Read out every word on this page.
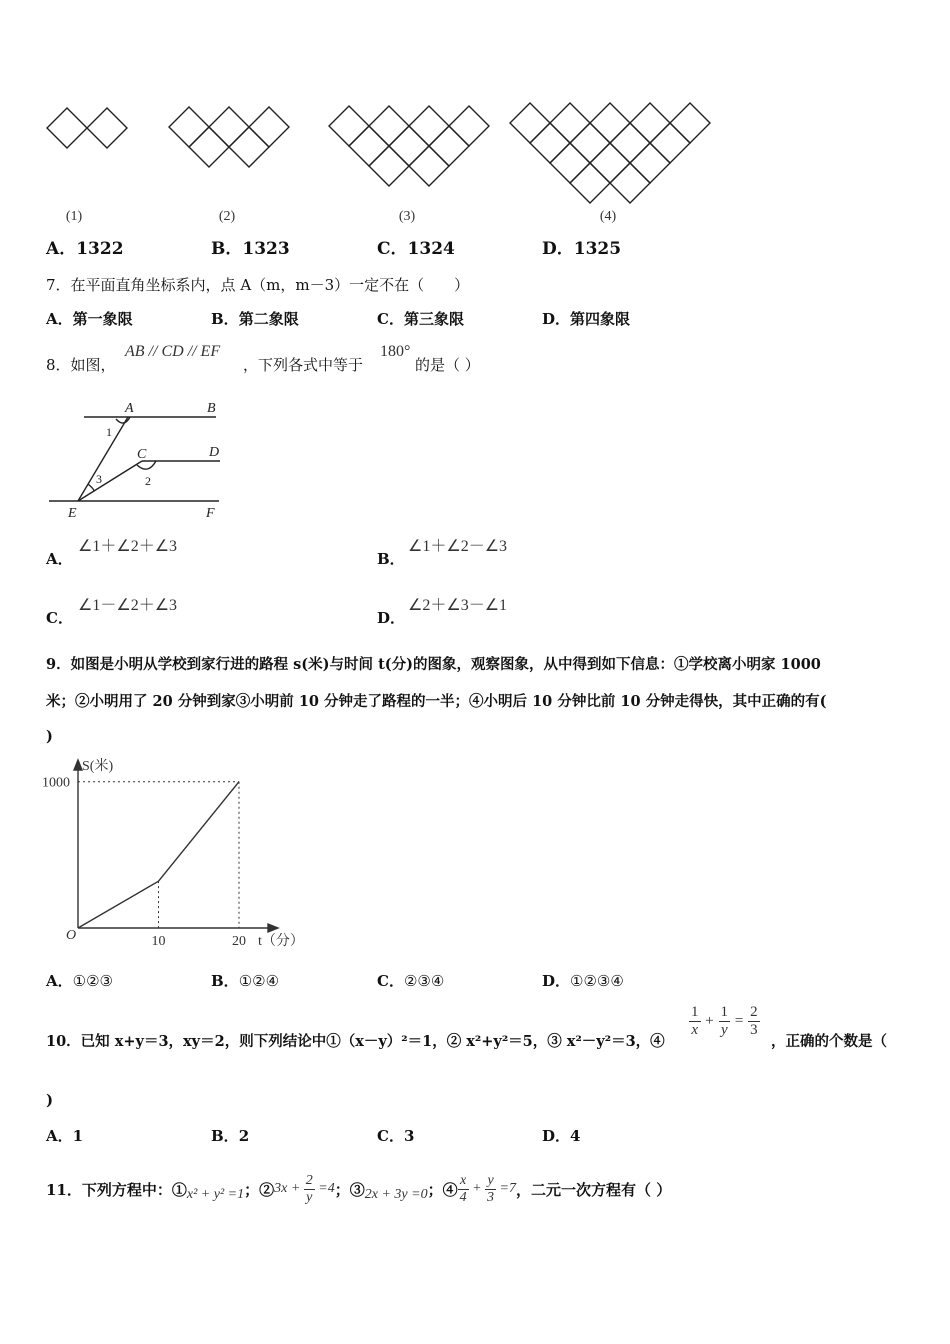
(1)	(2)	(3)	(4)
A．1322	B．1323	C．1324	D．1325
7．在平面直角坐标系内，点 A（m，m－3）一定不在（　　）
A．第一象限	B．第二象限	C．第三象限	D．第四象限
8．如图，
AB // CD // EF
，下列各式中等于
180°
的是（ ）
A	B
C	D
E	F
1
2
3
A．
∠1＋∠2＋∠3
B．
∠1＋∠2－∠3
C．
∠1－∠2＋∠3
D．
∠2＋∠3－∠1
9．如图是小明从学校到家行进的路程 s(米)与时间 t(分)的图象，观察图象，从中得到如下信息：①学校离小明家 1000
米；②小明用了 20 分钟到家③小明前 10 分钟走了路程的一半；④小明后 10 分钟比前 10 分钟走得快，其中正确的有(
)
S(米)
O	t（分）
10	20
1000
A．①②③	B．①②④	C．②③④	D．①②③④
10．已知 x+y＝3，xy＝2，则下列结论中①（x－y）²＝1，② x²+y²＝5，③ x²－y²＝3，④
$\frac{1}{x} + \frac{1}{y} = \frac{2}{3}$
，正确的个数是（
)
A．1	B．2	C．3	D．4
11．下列方程中：① x² + y² =1 ；② $3x + \frac{2}{y} =4$ ；③ 2x + 3y =0 ；④ $\frac{x}{4} + \frac{y}{3} =7$ ，二元一次方程有（ ）
